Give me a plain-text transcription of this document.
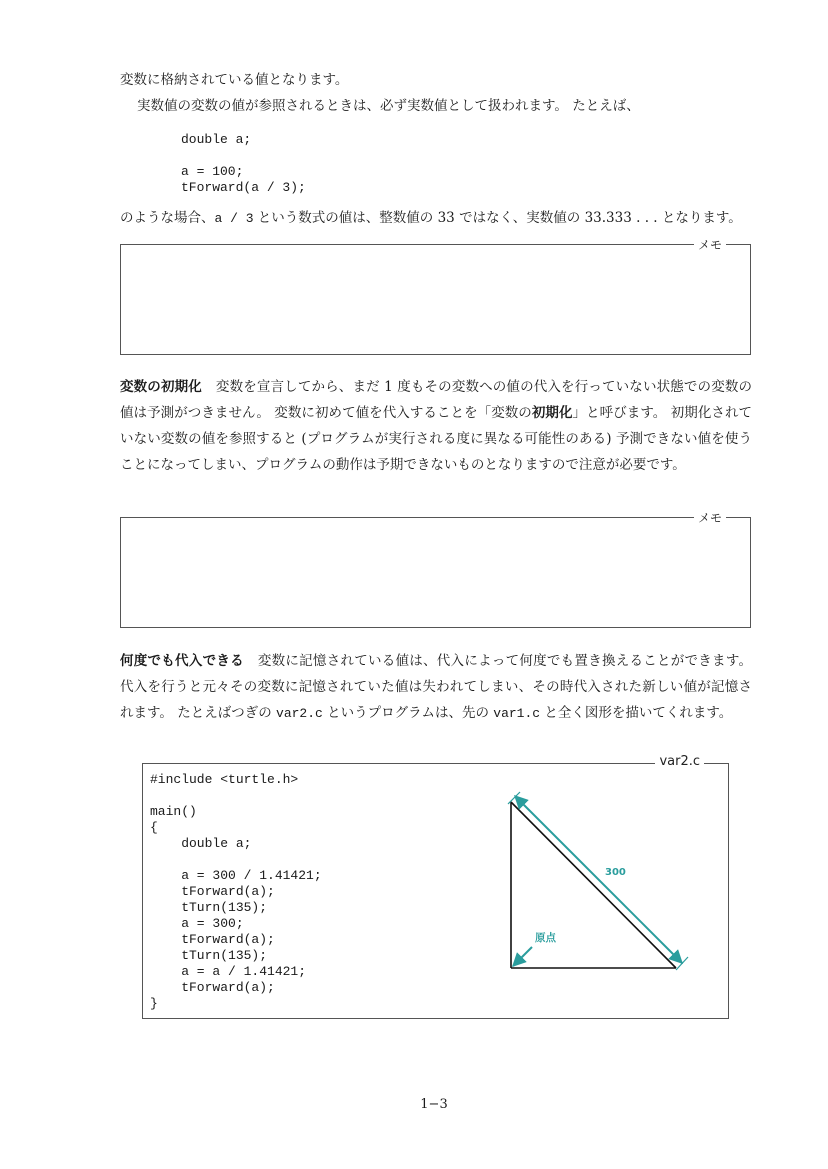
変数に格納されている値となります。
実数値の変数の値が参照されるときは、必ず実数値として扱われます。 たとえば、
double a;
a = 100;
tForward(a / 3);
のような場合、a / 3 という数式の値は、整数値の 33 ではなく、実数値の 33.333 . . . となります。
メモ
変数の初期化 変数を宣言してから、まだ 1 度もその変数への値の代入を行っていない状態での変数の値は予測がつきません。 変数に初めて値を代入することを「変数の初期化」と呼びます。 初期化されていない変数の値を参照すると (プログラムが実行される度に異なる可能性のある) 予測できない値を使うことになってしまい、プログラムの動作は予期できないものとなりますので注意が必要です。
メモ
何度でも代入できる 変数に記憶されている値は、代入によって何度でも置き換えることができます。 代入を行うと元々その変数に記憶されていた値は失われてしまい、その時代入された新しい値が記憶されます。 たとえばつぎの var2.c というプログラムは、先の var1.c と全く図形を描いてくれます。
var2.c
#include <turtle.h>
main()
{
double a;
a = 300 / 1.41421;
tForward(a);
tTurn(135);
a = 300;
tForward(a);
tTurn(135);
a = a / 1.41421;
tForward(a);
}
300
原点
1−3
